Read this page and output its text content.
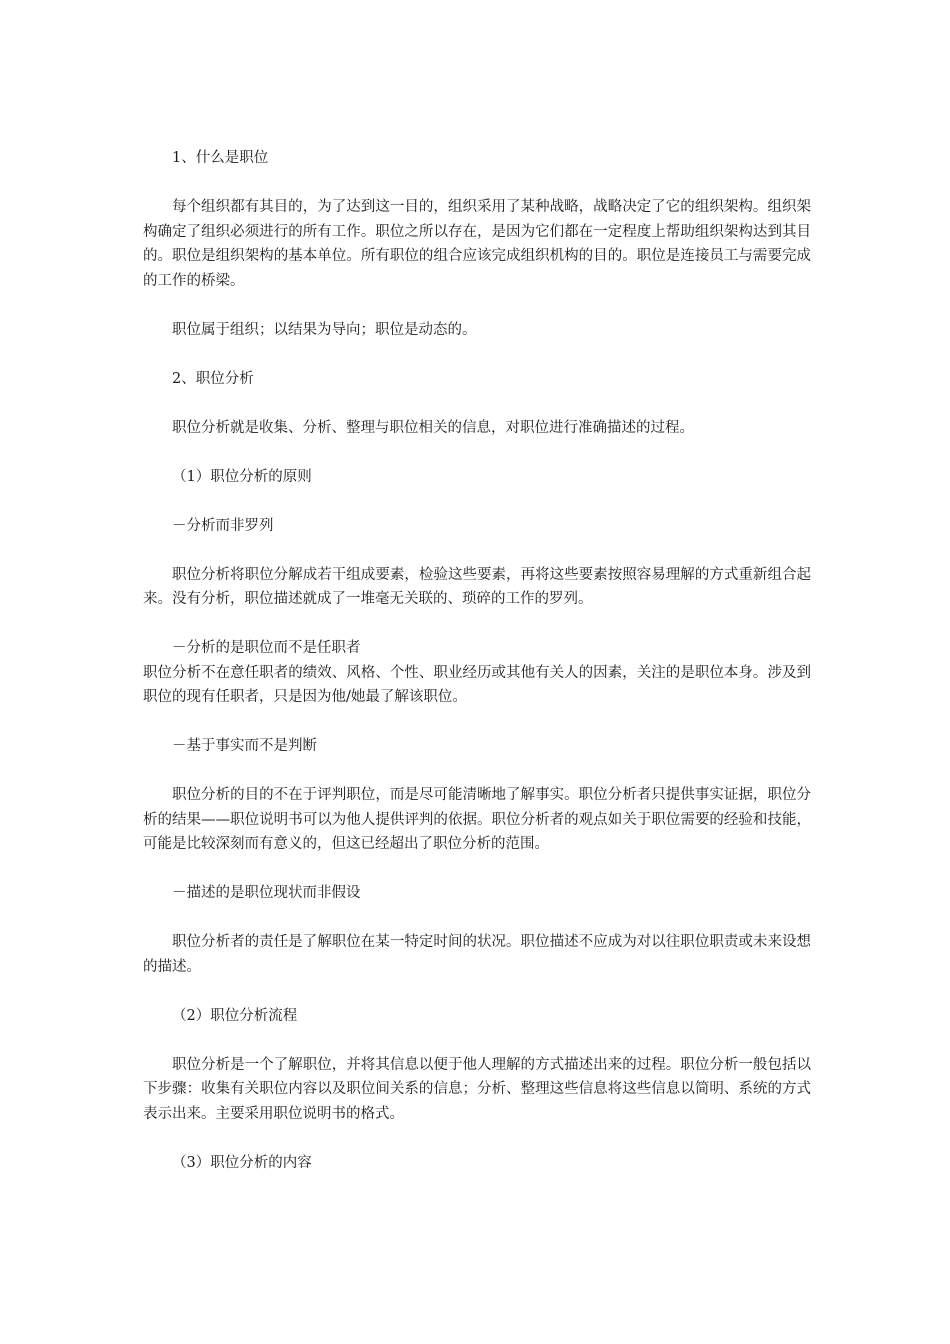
1、什么是职位

每个组织都有其目的，为了达到这一目的，组织采用了某种战略，战略决定了它的组织架构。组织架构确定了组织必须进行的所有工作。职位之所以存在，是因为它们都在一定程度上帮助组织架构达到其目的。职位是组织架构的基本单位。所有职位的组合应该完成组织机构的目的。职位是连接员工与需要完成的工作的桥梁。

职位属于组织；以结果为导向；职位是动态的。

2、职位分析

职位分析就是收集、分析、整理与职位相关的信息，对职位进行准确描述的过程。

（1）职位分析的原则

－分析而非罗列

职位分析将职位分解成若干组成要素，检验这些要素，再将这些要素按照容易理解的方式重新组合起来。没有分析，职位描述就成了一堆毫无关联的、琐碎的工作的罗列。

－分析的是职位而不是任职者

职位分析不在意任职者的绩效、风格、个性、职业经历或其他有关人的因素，关注的是职位本身。涉及到职位的现有任职者，只是因为他/她最了解该职位。

－基于事实而不是判断

职位分析的目的不在于评判职位，而是尽可能清晰地了解事实。职位分析者只提供事实证据，职位分析的结果——职位说明书可以为他人提供评判的依据。职位分析者的观点如关于职位需要的经验和技能，可能是比较深刻而有意义的，但这已经超出了职位分析的范围。

－描述的是职位现状而非假设

职位分析者的责任是了解职位在某一特定时间的状况。职位描述不应成为对以往职位职责或未来设想的描述。

（2）职位分析流程

职位分析是一个了解职位，并将其信息以便于他人理解的方式描述出来的过程。职位分析一般包括以下步骤：收集有关职位内容以及职位间关系的信息；分析、整理这些信息将这些信息以简明、系统的方式表示出来。主要采用职位说明书的格式。

（3）职位分析的内容
